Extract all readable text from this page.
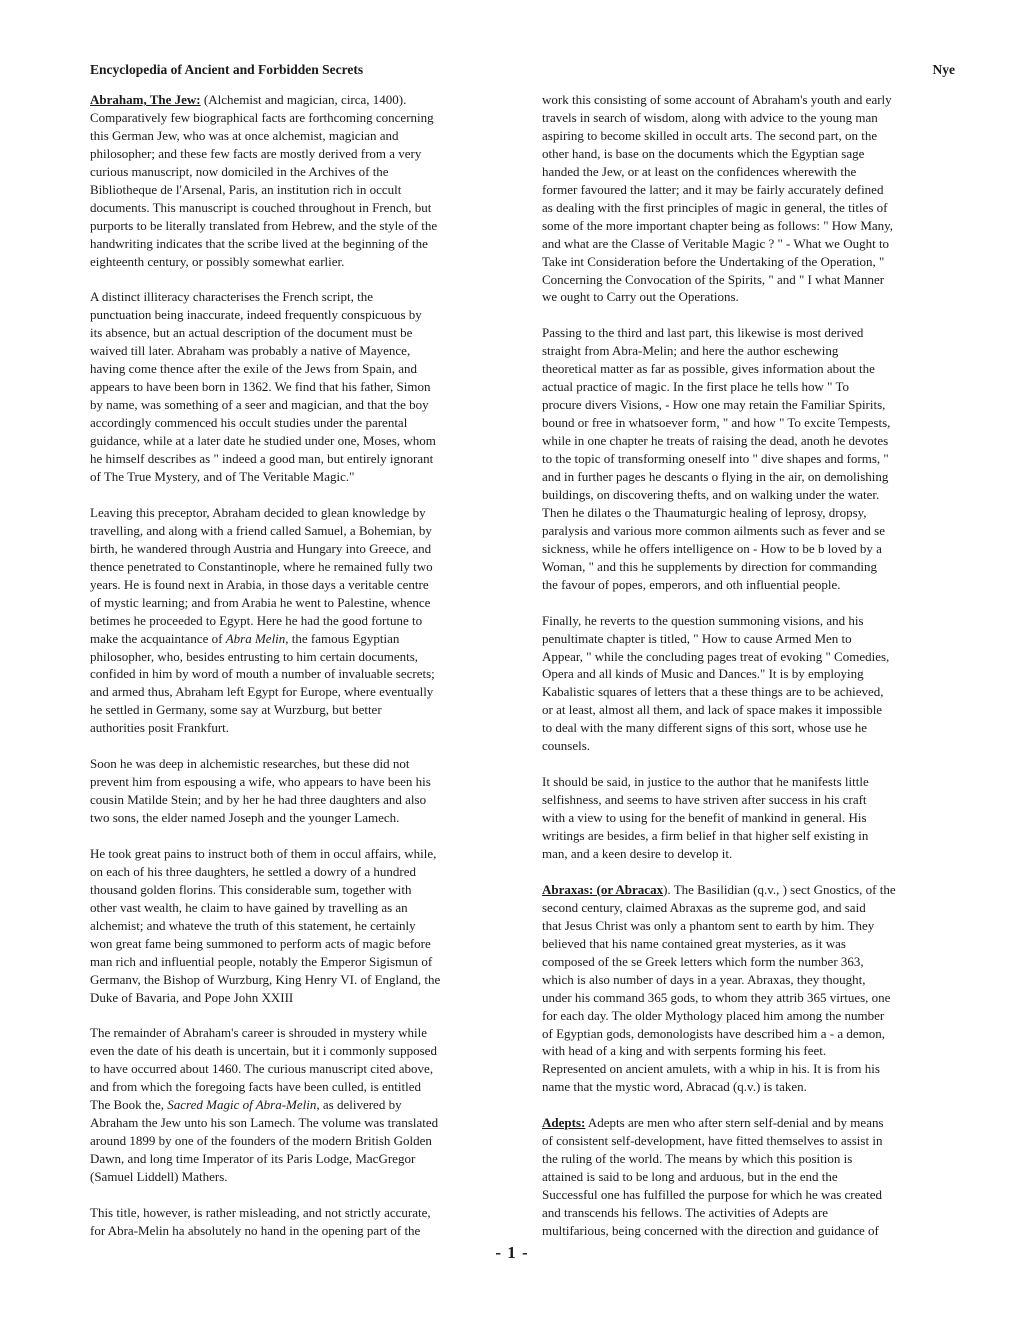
Encyclopedia of Ancient and Forbidden Secrets	Nye

Abraham, The Jew: (Alchemist and magician, circa, 1400).
Comparatively few biographical facts are forthcoming concerning
this German Jew, who was at once alchemist, magician and
philosopher; and these few facts are mostly derived from a very
curious manuscript, now domiciled in the Archives of the
Bibliotheque de l'Arsenal, Paris, an institution rich in occult
documents. This manuscript is couched throughout in French, but
purports to be literally translated from Hebrew, and the style of the
handwriting indicates that the scribe lived at the beginning of the
eighteenth century, or possibly somewhat earlier.

A distinct illiteracy characterises the French script, the
punctuation being inaccurate, indeed frequently conspicuous by
its absence, but an actual description of the document must be
waived till later. Abraham was probably a native of Mayence,
having come thence after the exile of the Jews from Spain, and
appears to have been born in 1362. We find that his father, Simon
by name, was something of a seer and magician, and that the boy
accordingly commenced his occult studies under the parental
guidance, while at a later date he studied under one, Moses, whom
he himself describes as " indeed a good man, but entirely ignorant
of The True Mystery, and of The Veritable Magic."

Leaving this preceptor, Abraham decided to glean knowledge by
travelling, and along with a friend called Samuel, a Bohemian, by
birth, he wandered through Austria and Hungary into Greece, and
thence penetrated to Constantinople, where he remained fully two
years. He is found next in Arabia, in those days a veritable centre
of mystic learning; and from Arabia he went to Palestine, whence
betimes he proceeded to Egypt. Here he had the good fortune to
make the acquaintance of Abra Melin, the famous Egyptian
philosopher, who, besides entrusting to him certain documents,
confided in him by word of mouth a number of invaluable secrets;
and armed thus, Abraham left Egypt for Europe, where eventually
he settled in Germany, some say at Wurzburg, but better
authorities posit Frankfurt.

Soon he was deep in alchemistic researches, but these did not
prevent him from espousing a wife, who appears to have been his
cousin Matilde Stein; and by her he had three daughters and also
two sons, the elder named Joseph and the younger Lamech.

He took great pains to instruct both of them in occul affairs, while,
on each of his three daughters, he settled a dowry of a hundred
thousand golden florins. This considerable sum, together with
other vast wealth, he claim to have gained by travelling as an
alchemist; and whateve the truth of this statement, he certainly
won great fame being summoned to perform acts of magic before
man rich and influential people, notably the Emperor Sigismun of
Germanv, the Bishop of Wurzburg, King Henry VI. of England, the
Duke of Bavaria, and Pope John XXIII

The remainder of Abraham's career is shrouded in mystery while
even the date of his death is uncertain, but it i commonly supposed
to have occurred about 1460. The curious manuscript cited above,
and from which the foregoing facts have been culled, is entitled
The Book the, Sacred Magic of Abra-Melin, as delivered by
Abraham the Jew unto his son Lamech. The volume was translated
around 1899 by one of the founders of the modern British Golden
Dawn, and long time Imperator of its Paris Lodge, MacGregor
(Samuel Liddell) Mathers.

This title, however, is rather misleading, and not strictly accurate,
for Abra-Melin ha absolutely no hand in the opening part of the

work this consisting of some account of Abraham's youth and early
travels in search of wisdom, along with advice to the young man
aspiring to become skilled in occult arts. The second part, on the
other hand, is base on the documents which the Egyptian sage
handed the Jew, or at least on the confidences wherewith the
former favoured the latter; and it may be fairly accurately defined
as dealing with the first principles of magic in general, the titles of
some of the more important chapter being as follows: " How Many,
and what are the Classe of Veritable Magic ? " - What we Ought to
Take int Consideration before the Undertaking of the Operation, "
Concerning the Convocation of the Spirits, " and " I what Manner
we ought to Carry out the Operations.

Passing to the third and last part, this likewise is most derived
straight from Abra-Melin; and here the author eschewing
theoretical matter as far as possible, gives information about the
actual practice of magic. In the first place he tells how " To
procure divers Visions, - How one may retain the Familiar Spirits,
bound or free in whatsoever form, " and how " To excite Tempests,
while in one chapter he treats of raising the dead, anoth he devotes
to the topic of transforming oneself into " dive shapes and forms, "
and in further pages he descants o flying in the air, on demolishing
buildings, on discovering thefts, and on walking under the water.
Then he dilates o the Thaumaturgic healing of leprosy, dropsy,
paralysis and various more common ailments such as fever and se
sickness, while he offers intelligence on - How to be b loved by a
Woman, " and this he supplements by direction for commanding
the favour of popes, emperors, and oth influential people.

Finally, he reverts to the question summoning visions, and his
penultimate chapter is titled, " How to cause Armed Men to
Appear, " while the concluding pages treat of evoking " Comedies,
Opera and all kinds of Music and Dances." It is by employing
Kabalistic squares of letters that a these things are to be achieved,
or at least, almost all them, and lack of space makes it impossible
to deal with the many different signs of this sort, whose use he
counsels.

It should be said, in justice to the author that he manifests little
selfishness, and seems to have striven after success in his craft
with a view to using for the benefit of mankind in general. His
writings are besides, a firm belief in that higher self existing in
man, and a keen desire to develop it.

Abraxas: (or Abracax). The Basilidian (q.v., ) sect Gnostics, of the
second century, claimed Abraxas as the supreme god, and said
that Jesus Christ was only a phantom sent to earth by him. They
believed that his name contained great mysteries, as it was
composed of the se Greek letters which form the number 363,
which is also number of days in a year. Abraxas, they thought,
under his command 365 gods, to whom they attrib 365 virtues, one
for each day. The older Mythology placed him among the number
of Egyptian gods, demonologists have described him a - a demon,
with head of a king and with serpents forming his feet.
Represented on ancient amulets, with a whip in his. It is from his
name that the mystic word, Abracad (q.v.) is taken.

Adepts: Adepts are men who after stern self-denial and by means
of consistent self-development, have fitted themselves to assist in
the ruling of the world. The means by which this position is
attained is said to be long and arduous, but in the end the
Successful one has fulfilled the purpose for which he was created
and transcends his fellows. The activities of Adepts are
multifarious, being concerned with the direction and guidance of

- 1 -
